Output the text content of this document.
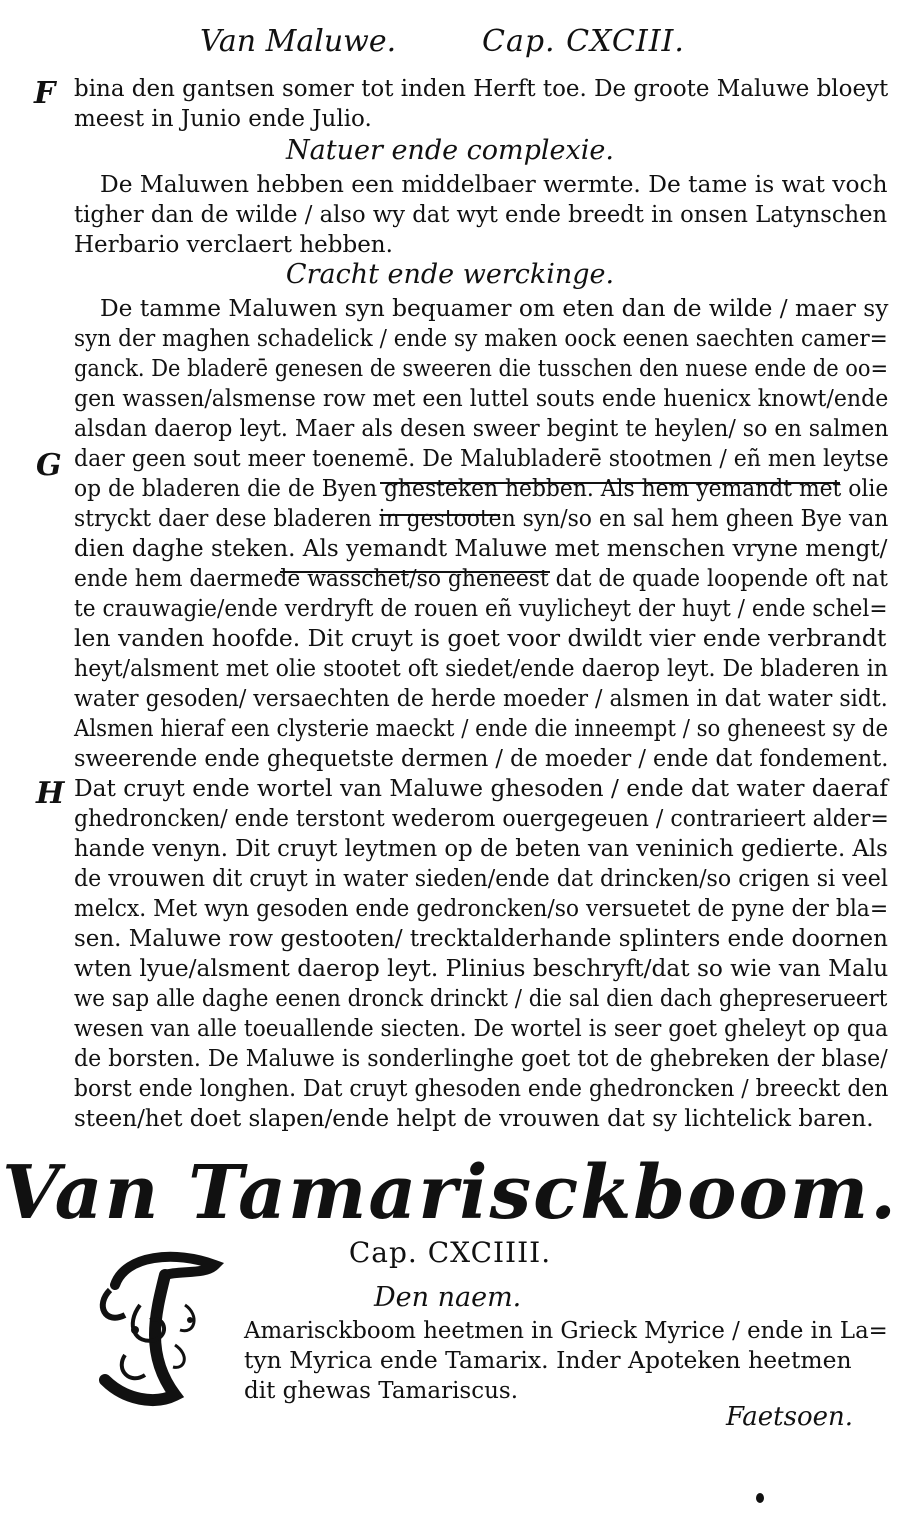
Van Maluwe.	Cap. CXCIII.
F
G
H
bina den gantsen somer tot inden Herft toe. De groote Maluwe bloeyt
meest in Junio ende Julio.
Natuer ende complexie.
De Maluwen hebben een middelbaer wermte. De tame is wat voch
tigher dan de wilde / also wy dat wyt ende breedt in onsen Latynschen
Herbario verclaert hebben.
Cracht ende werckinge.
De tamme Maluwen syn bequamer om eten dan de wilde / maer sy
syn der maghen schadelick / ende sy maken oock eenen saechten camer=
ganck. De bladerē genesen de sweeren die tusschen den nuese ende de oo=
gen wassen/alsmense row met een luttel souts ende huenicx knowt/ende
alsdan daerop leyt. Maer als desen sweer begint te heylen/ so en salmen
daer geen sout meer toenemē. De Malubladerē stootmen / eñ men leytse
op de bladeren die de Byen ghesteken hebben. Als hem yemandt met olie
stryckt daer dese bladeren in gestooten syn/so en sal hem gheen Bye van
dien daghe steken. Als yemandt Maluwe met menschen vryne mengt/
ende hem daermede wasschet/so gheneest dat de quade loopende oft nat
te crauwagie/ende verdryft de rouen eñ vuylicheyt der huyt / ende schel=
len vanden hoofde. Dit cruyt is goet voor dwildt vier ende verbrandt
heyt/alsment met olie stootet oft siedet/ende daerop leyt. De bladeren in
water gesoden/ versaechten de herde moeder / alsmen in dat water sidt.
Alsmen hieraf een clysterie maeckt / ende die inneempt / so gheneest sy de
sweerende ende ghequetste dermen / de moeder / ende dat fondement.
Dat cruyt ende wortel van Maluwe ghesoden / ende dat water daeraf
ghedroncken/ ende terstont wederom ouergegeuen / contrarieert alder=
hande venyn. Dit cruyt leytmen op de beten van veninich gedierte. Als
de vrouwen dit cruyt in water sieden/ende dat drincken/so crigen si veel
melcx. Met wyn gesoden ende gedroncken/so versuetet de pyne der bla=
sen. Maluwe row gestooten/ trecktalderhande splinters ende doornen
wten lyue/alsment daerop leyt. Plinius beschryft/dat so wie van Malu
we sap alle daghe eenen dronck drinckt / die sal dien dach ghepreserueert
wesen van alle toeuallende siecten. De wortel is seer goet gheleyt op qua
de borsten. De Maluwe is sonderlinghe goet tot de ghebreken der blase/
borst ende longhen. Dat cruyt ghesoden ende ghedroncken / breeckt den
steen/het doet slapen/ende helpt de vrouwen dat sy lichtelick baren.
Van Tamarisckboom.
Cap. CXCIIII.
Den naem.
Amarisckboom heetmen in Grieck Myrice / ende in La=
tyn Myrica ende Tamarix. Inder Apoteken heetmen
dit ghewas Tamariscus.
Faetsoen.
